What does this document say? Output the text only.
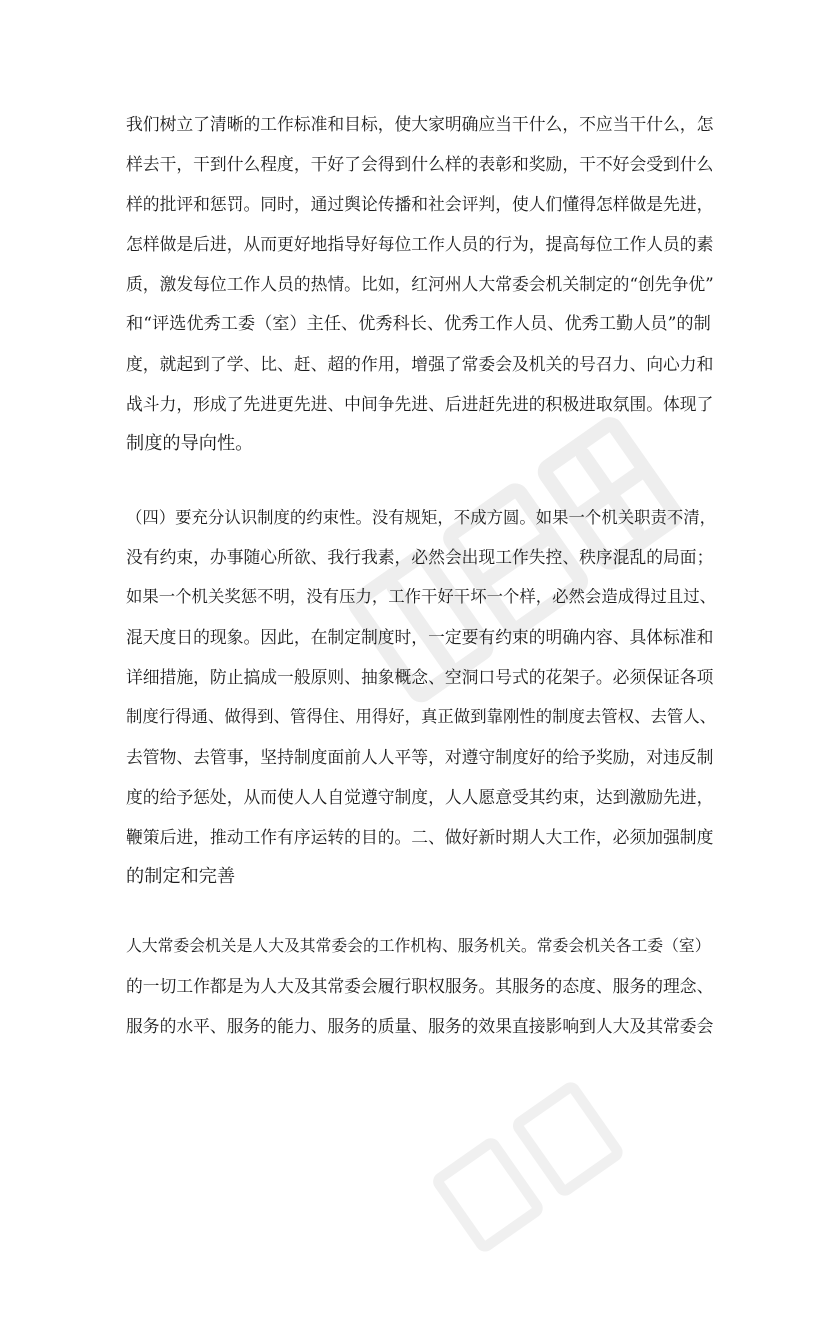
我们树立了清晰的工作标准和目标，使大家明确应当干什么，不应当干什么，怎
样去干，干到什么程度，干好了会得到什么样的表彰和奖励，干不好会受到什么
样的批评和惩罚。同时，通过舆论传播和社会评判，使人们懂得怎样做是先进，
怎样做是后进，从而更好地指导好每位工作人员的行为，提高每位工作人员的素
质，激发每位工作人员的热情。比如，红河州人大常委会机关制定的“创先争优”
和“评选优秀工委（室）主任、优秀科长、优秀工作人员、优秀工勤人员”的制
度，就起到了学、比、赶、超的作用，增强了常委会及机关的号召力、向心力和
战斗力，形成了先进更先进、中间争先进、后进赶先进的积极进取氛围。体现了
制度的导向性。
（四）要充分认识制度的约束性。没有规矩，不成方圆。如果一个机关职责不清，
没有约束，办事随心所欲、我行我素，必然会出现工作失控、秩序混乱的局面；
如果一个机关奖惩不明，没有压力，工作干好干坏一个样，必然会造成得过且过、
混天度日的现象。因此，在制定制度时，一定要有约束的明确内容、具体标准和
详细措施，防止搞成一般原则、抽象概念、空洞口号式的花架子。必须保证各项
制度行得通、做得到、管得住、用得好，真正做到靠刚性的制度去管权、去管人、
去管物、去管事，坚持制度面前人人平等，对遵守制度好的给予奖励，对违反制
度的给予惩处，从而使人人自觉遵守制度，人人愿意受其约束，达到激励先进，
鞭策后进，推动工作有序运转的目的。二、做好新时期人大工作，必须加强制度
的制定和完善
人大常委会机关是人大及其常委会的工作机构、服务机关。常委会机关各工委（室）
的一切工作都是为人大及其常委会履行职权服务。其服务的态度、服务的理念、
服务的水平、服务的能力、服务的质量、服务的效果直接影响到人大及其常委会
